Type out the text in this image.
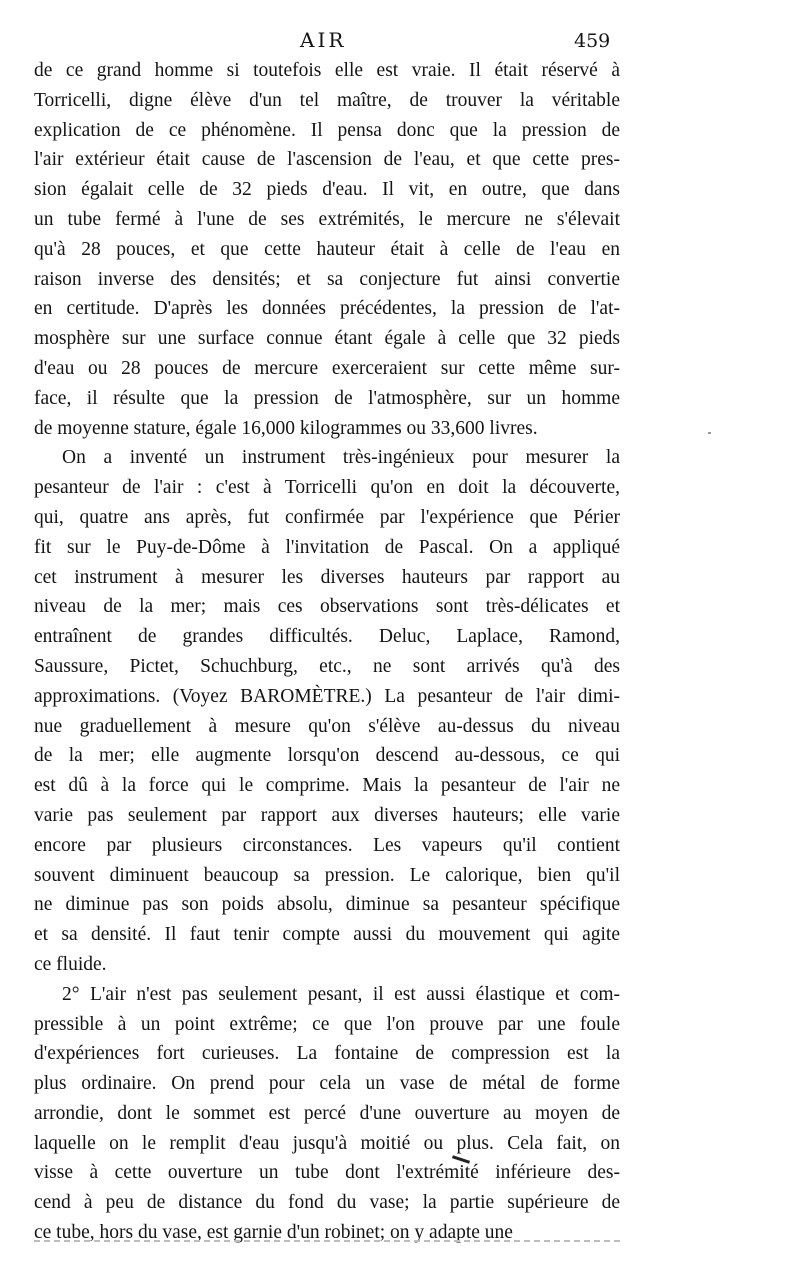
AIR	459
de ce grand homme si toutefois elle est vraie. Il était réservé à
Torricelli, digne élève d'un tel maître, de trouver la véritable
explication de ce phénomène. Il pensa donc que la pression de
l'air extérieur était cause de l'ascension de l'eau, et que cette pres-
sion égalait celle de 32 pieds d'eau. Il vit, en outre, que dans
un tube fermé à l'une de ses extrémités, le mercure ne s'élevait
qu'à 28 pouces, et que cette hauteur était à celle de l'eau en
raison inverse des densités; et sa conjecture fut ainsi convertie
en certitude. D'après les données précédentes, la pression de l'at-
mosphère sur une surface connue étant égale à celle que 32 pieds
d'eau ou 28 pouces de mercure exerceraient sur cette même sur-
face, il résulte que la pression de l'atmosphère, sur un homme
de moyenne stature, égale 16,000 kilogrammes ou 33,600 livres.
On a inventé un instrument très-ingénieux pour mesurer la
pesanteur de l'air : c'est à Torricelli qu'on en doit la découverte,
qui, quatre ans après, fut confirmée par l'expérience que Périer
fit sur le Puy-de-Dôme à l'invitation de Pascal. On a appliqué
cet instrument à mesurer les diverses hauteurs par rapport au
niveau de la mer; mais ces observations sont très-délicates et
entraînent de grandes difficultés. Deluc, Laplace, Ramond,
Saussure, Pictet, Schuchburg, etc., ne sont arrivés qu'à des
approximations. (Voyez BAROMÈTRE.) La pesanteur de l'air dimi-
nue graduellement à mesure qu'on s'élève au-dessus du niveau
de la mer; elle augmente lorsqu'on descend au-dessous, ce qui
est dû à la force qui le comprime. Mais la pesanteur de l'air ne
varie pas seulement par rapport aux diverses hauteurs; elle varie
encore par plusieurs circonstances. Les vapeurs qu'il contient
souvent diminuent beaucoup sa pression. Le calorique, bien qu'il
ne diminue pas son poids absolu, diminue sa pesanteur spécifique
et sa densité. Il faut tenir compte aussi du mouvement qui agite
ce fluide.
2° L'air n'est pas seulement pesant, il est aussi élastique et com-
pressible à un point extrême; ce que l'on prouve par une foule
d'expériences fort curieuses. La fontaine de compression est la
plus ordinaire. On prend pour cela un vase de métal de forme
arrondie, dont le sommet est percé d'une ouverture au moyen de
laquelle on le remplit d'eau jusqu'à moitié ou plus. Cela fait, on
visse à cette ouverture un tube dont l'extrémité inférieure des-
cend à peu de distance du fond du vase; la partie supérieure de
ce tube, hors du vase, est garnie d'un robinet; on y adapte une
